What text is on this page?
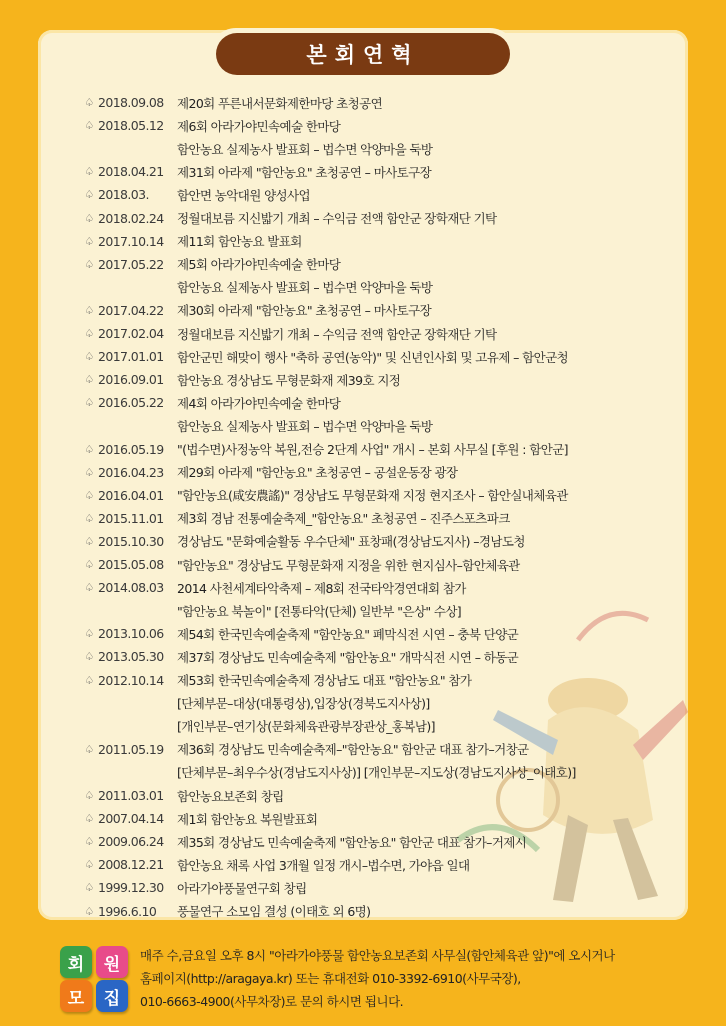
본회연혁
♤ 2018.09.08	제20회 푸른내서문화제한마당 초청공연
♤ 2018.05.12	제6회 아라가야민속예술 한마당
함안농요 실제농사 발표회 – 법수면 악양마을 둑방
♤ 2018.04.21	제31회 아라제 "함안농요" 초청공연 – 마사토구장
♤ 2018.03.	함안면 농악대원 양성사업
♤ 2018.02.24	정월대보름 지신밟기 개최 – 수익금 전액 함안군 장학재단 기탁
♤ 2017.10.14	제11회 함안농요 발표회
♤ 2017.05.22	제5회 아라가야민속예술 한마당
함안농요 실제농사 발표회 – 법수면 악양마을 둑방
♤ 2017.04.22	제30회 아라제 "함안농요" 초청공연 – 마사토구장
♤ 2017.02.04	정월대보름 지신밟기 개최 – 수익금 전액 함안군 장학재단 기탁
♤ 2017.01.01	함안군민 해맞이 행사 "축하 공연(농악)" 및 신년인사회 및 고유제 – 함안군청
♤ 2016.09.01	함안농요 경상남도 무형문화재 제39호 지정
♤ 2016.05.22	제4회 아라가야민속예술 한마당
함안농요 실제농사 발표회 – 법수면 악양마을 둑방
♤ 2016.05.19	"(법수면)사정농악 복원,전승 2단계 사업" 개시 – 본회 사무실 [후원 : 함안군]
♤ 2016.04.23	제29회 아라제 "함안농요" 초청공연 – 공설운동장 광장
♤ 2016.04.01	"함안농요(咸安農謠)" 경상남도 무형문화재 지정 현지조사 – 함안실내체육관
♤ 2015.11.01	제3회 경남 전통예술축제_"함안농요" 초청공연 – 진주스포츠파크
♤ 2015.10.30	경상남도 "문화예술활동 우수단체" 표창패(경상남도지사) –경남도청
♤ 2015.05.08	"함안농요" 경상남도 무형문화재 지정을 위한 현지심사–함안체육관
♤ 2014.08.03	2014 사천세계타악축제 – 제8회 전국타악경연대회 참가
"함안농요 북놀이" [전통타악(단체) 일반부 "은상" 수상]
♤ 2013.10.06	제54회 한국민속예술축제 "함안농요" 폐막식전 시연 – 충북 단양군
♤ 2013.05.30	제37회 경상남도 민속예술축제 "함안농요" 개막식전 시연 – 하동군
♤ 2012.10.14	제53회 한국민속예술축제 경상남도 대표 "함안농요" 참가
[단체부문–대상(대통령상),입장상(경북도지사상)]
[개인부문–연기상(문화체육관광부장관상_홍복남)]
♤ 2011.05.19	제36회 경상남도 민속예술축제–"함안농요" 함안군 대표 참가–거창군
[단체부문–최우수상(경남도지사상)] [개인부문–지도상(경남도지사상_이태호)]
♤ 2011.03.01	함안농요보존회 창립
♤ 2007.04.14	제1회 함안농요 복원발표회
♤ 2009.06.24	제35회 경상남도 민속예술축제 "함안농요" 함안군 대표 참가–거제시
♤ 2008.12.21	함안농요 채록 사업 3개월 일정 개시–법수면, 가야읍 일대
♤ 1999.12.30	아라가야풍물연구회 창립
♤ 1996.6.10	풍물연구 소모임 결성 (이태호 외 6명)
회	원
모	집
매주 수,금요일 오후 8시 "아라가야풍물 함안농요보존회 사무실(함안체육관 앞)"에 오시거나
홈페이지(http://aragaya.kr) 또는 휴대전화 010-3392-6910(사무국장),
010-6663-4900(사무차장)로 문의 하시면 됩니다.
